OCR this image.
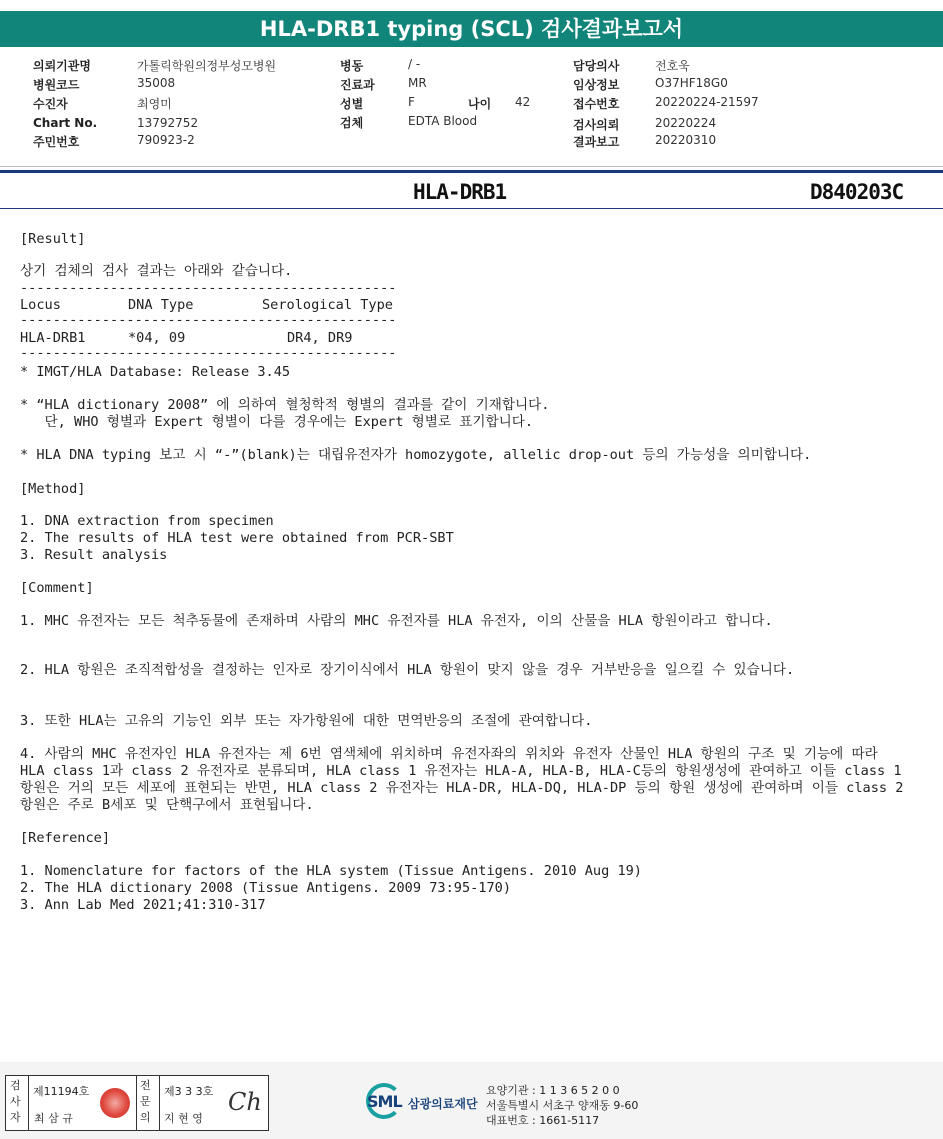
HLA-DRB1 typing (SCL) 검사결과보고서
의뢰기관명	가톨릭학원의정부성모병원
병원코드	35008
수진자	최영미
Chart No.	13792752
주민번호	790923-2
병동	/ -
진료과	MR
성별	F	나이 42
검체	EDTA Blood
담당의사	전호욱
임상정보	O37HF18G0
접수번호	20220224-21597
검사의뢰	20220224
결과보고	20220310
HLA-DRB1	D840203C
[Result]
상기 검체의 검사 결과는 아래와 같습니다.
----------------------------------------------
Locus	DNA Type	Serological Type
----------------------------------------------
HLA-DRB1	*04, 09	DR4, DR9
----------------------------------------------
* IMGT/HLA Database: Release 3.45
* “HLA dictionary 2008” 에 의하여 혈청학적 형별의 결과를 같이 기재합니다.
단, WHO 형별과 Expert 형별이 다를 경우에는 Expert 형별로 표기합니다.
* HLA DNA typing 보고 시 “-”(blank)는 대립유전자가 homozygote, allelic drop-out 등의 가능성을 의미합니다.
[Method]
1. DNA extraction from specimen
2. The results of HLA test were obtained from PCR-SBT
3. Result analysis
[Comment]
1. MHC 유전자는 모든 척추동물에 존재하며 사람의 MHC 유전자를 HLA 유전자, 이의 산물을 HLA 항원이라고 합니다.
2. HLA 항원은 조직적합성을 결정하는 인자로 장기이식에서 HLA 항원이 맞지 않을 경우 거부반응을 일으킬 수 있습니다.
3. 또한 HLA는 고유의 기능인 외부 또는 자가항원에 대한 면역반응의 조절에 관여합니다.
4. 사람의 MHC 유전자인 HLA 유전자는 제 6번 염색체에 위치하며 유전자좌의 위치와 유전자 산물인 HLA 항원의 구조 및 기능에 따라 HLA class 1과 class 2 유전자로 분류되며, HLA class 1 유전자는 HLA-A, HLA-B, HLA-C등의 항원생성에 관여하고 이들 class 1 항원은 거의 모든 세포에 표현되는 반면, HLA class 2 유전자는 HLA-DR, HLA-DQ, HLA-DP 등의 항원 생성에 관여하며 이들 class 2 항원은 주로 B세포 및 단핵구에서 표현됩니다.
[Reference]
1. Nomenclature for factors of the HLA system (Tissue Antigens. 2010 Aug 19)
2. The HLA dictionary 2008 (Tissue Antigens. 2009 73:95-170)
3. Ann Lab Med 2021;41:310-317
검사자
제11194호
최 삼 규
전문의
제3 3 3호
지 현 영
Ch	SML 삼광의료재단
요양기관 : 1 1 3 6 5 2 0 0
서울특별시 서초구 양재동 9-60
대표번호 : 1661-5117
